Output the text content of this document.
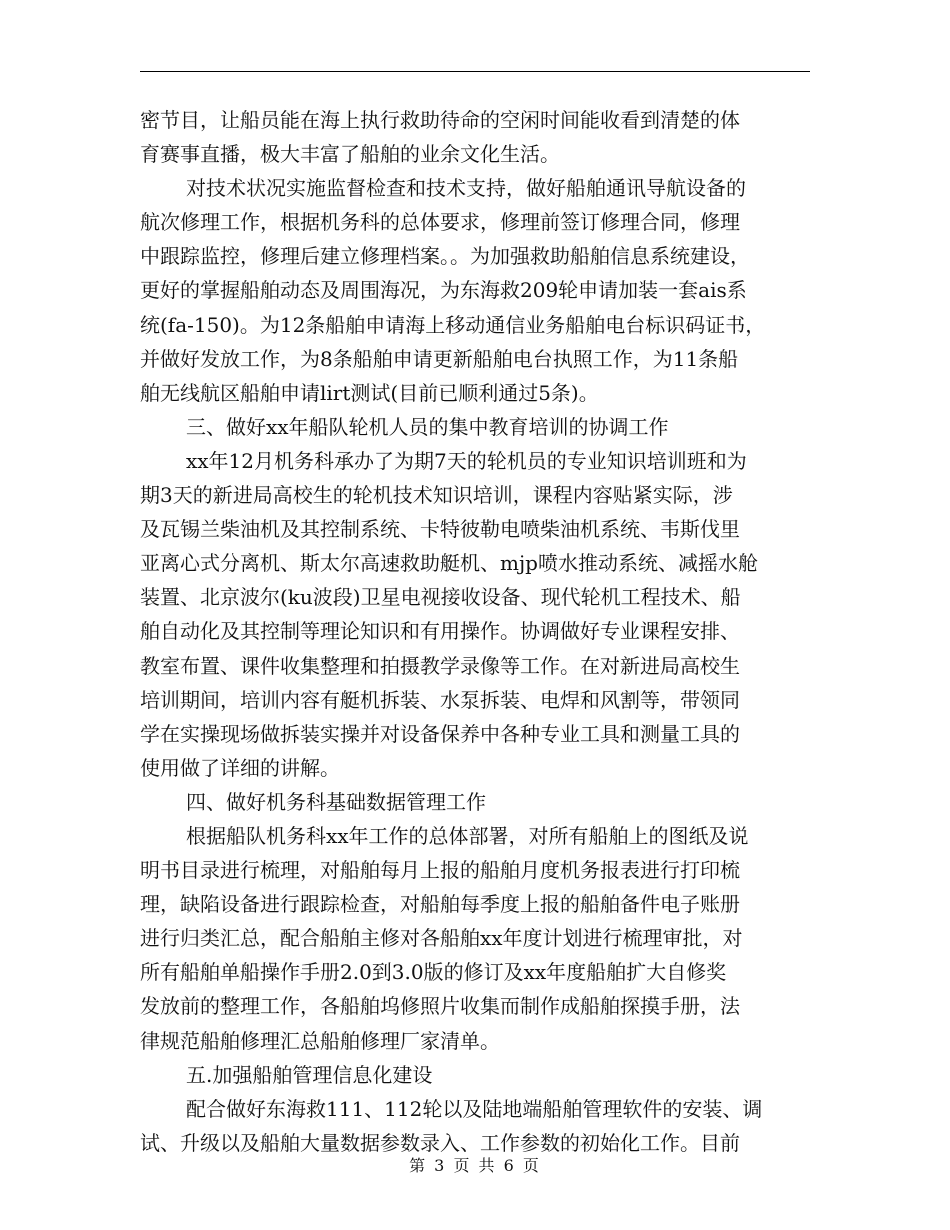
密节目，让船员能在海上执行救助待命的空闲时间能收看到清楚的体
育赛事直播，极大丰富了船舶的业余文化生活。
对技术状况实施监督检查和技术支持，做好船舶通讯导航设备的
航次修理工作，根据机务科的总体要求，修理前签订修理合同，修理
中跟踪监控，修理后建立修理档案。。为加强救助船舶信息系统建设，
更好的掌握船舶动态及周围海况，为东海救209轮申请加装一套ais系
统(fa-150)。为12条船舶申请海上移动通信业务船舶电台标识码证书，
并做好发放工作，为8条船舶申请更新船舶电台执照工作，为11条船
舶无线航区船舶申请lirt测试(目前已顺利通过5条)。
三、做好xx年船队轮机人员的集中教育培训的协调工作
xx年12月机务科承办了为期7天的轮机员的专业知识培训班和为
期3天的新进局高校生的轮机技术知识培训，课程内容贴紧实际，涉
及瓦锡兰柴油机及其控制系统、卡特彼勒电喷柴油机系统、韦斯伐里
亚离心式分离机、斯太尔高速救助艇机、mjp喷水推动系统、减摇水舱
装置、北京波尔(ku波段)卫星电视接收设备、现代轮机工程技术、船
舶自动化及其控制等理论知识和有用操作。协调做好专业课程安排、
教室布置、课件收集整理和拍摄教学录像等工作。在对新进局高校生
培训期间，培训内容有艇机拆装、水泵拆装、电焊和风割等，带领同
学在实操现场做拆装实操并对设备保养中各种专业工具和测量工具的
使用做了详细的讲解。
四、做好机务科基础数据管理工作
根据船队机务科xx年工作的总体部署，对所有船舶上的图纸及说
明书目录进行梳理，对船舶每月上报的船舶月度机务报表进行打印梳
理，缺陷设备进行跟踪检查，对船舶每季度上报的船舶备件电子账册
进行归类汇总，配合船舶主修对各船舶xx年度计划进行梳理审批，对
所有船舶单船操作手册2.0到3.0版的修订及xx年度船舶扩大自修奖
发放前的整理工作，各船舶坞修照片收集而制作成船舶探摸手册，法
律规范船舶修理汇总船舶修理厂家清单。
五.加强船舶管理信息化建设
配合做好东海救111、112轮以及陆地端船舶管理软件的安装、调
试、升级以及船舶大量数据参数录入、工作参数的初始化工作。目前
第 3 页 共 6 页
